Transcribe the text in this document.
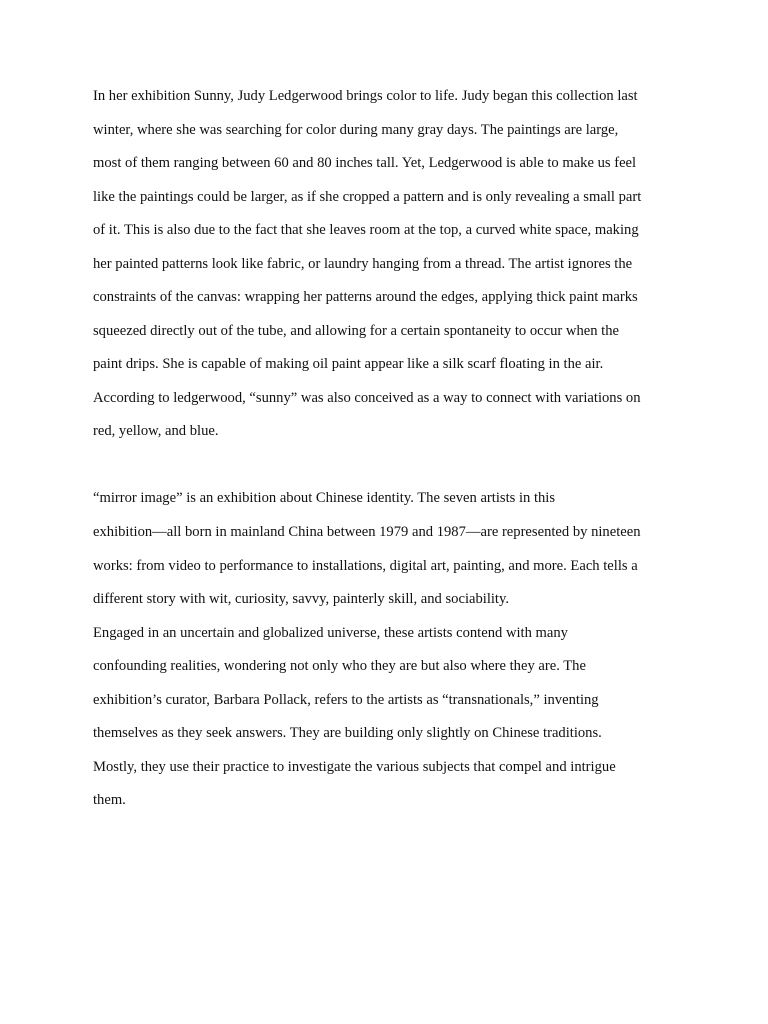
In her exhibition Sunny, Judy Ledgerwood brings color to life. Judy began this collection last
winter, where she was searching for color during many gray days. The paintings are large,
most of them ranging between 60 and 80 inches tall. Yet, Ledgerwood is able to make us feel
like the paintings could be larger, as if she cropped a pattern and is only revealing a small part
of it. This is also due to the fact that she leaves room at the top, a curved white space, making
her painted patterns look like fabric, or laundry hanging from a thread. The artist ignores the
constraints of the canvas: wrapping her patterns around the edges, applying thick paint marks
squeezed directly out of the tube, and allowing for a certain spontaneity to occur when the
paint drips. She is capable of making oil paint appear like a silk scarf floating in the air.
According to ledgerwood, “sunny” was also conceived as a way to connect with variations on
red, yellow, and blue.
“mirror image” is an exhibition about Chinese identity. The seven artists in this
exhibition—all born in mainland China between 1979 and 1987—are represented by nineteen
works: from video to performance to installations, digital art, painting, and more. Each tells a
different story with wit, curiosity, savvy, painterly skill, and sociability.
Engaged in an uncertain and globalized universe, these artists contend with many
confounding realities, wondering not only who they are but also where they are. The
exhibition’s curator, Barbara Pollack, refers to the artists as “transnationals,” inventing
themselves as they seek answers. They are building only slightly on Chinese traditions.
Mostly, they use their practice to investigate the various subjects that compel and intrigue
them.
